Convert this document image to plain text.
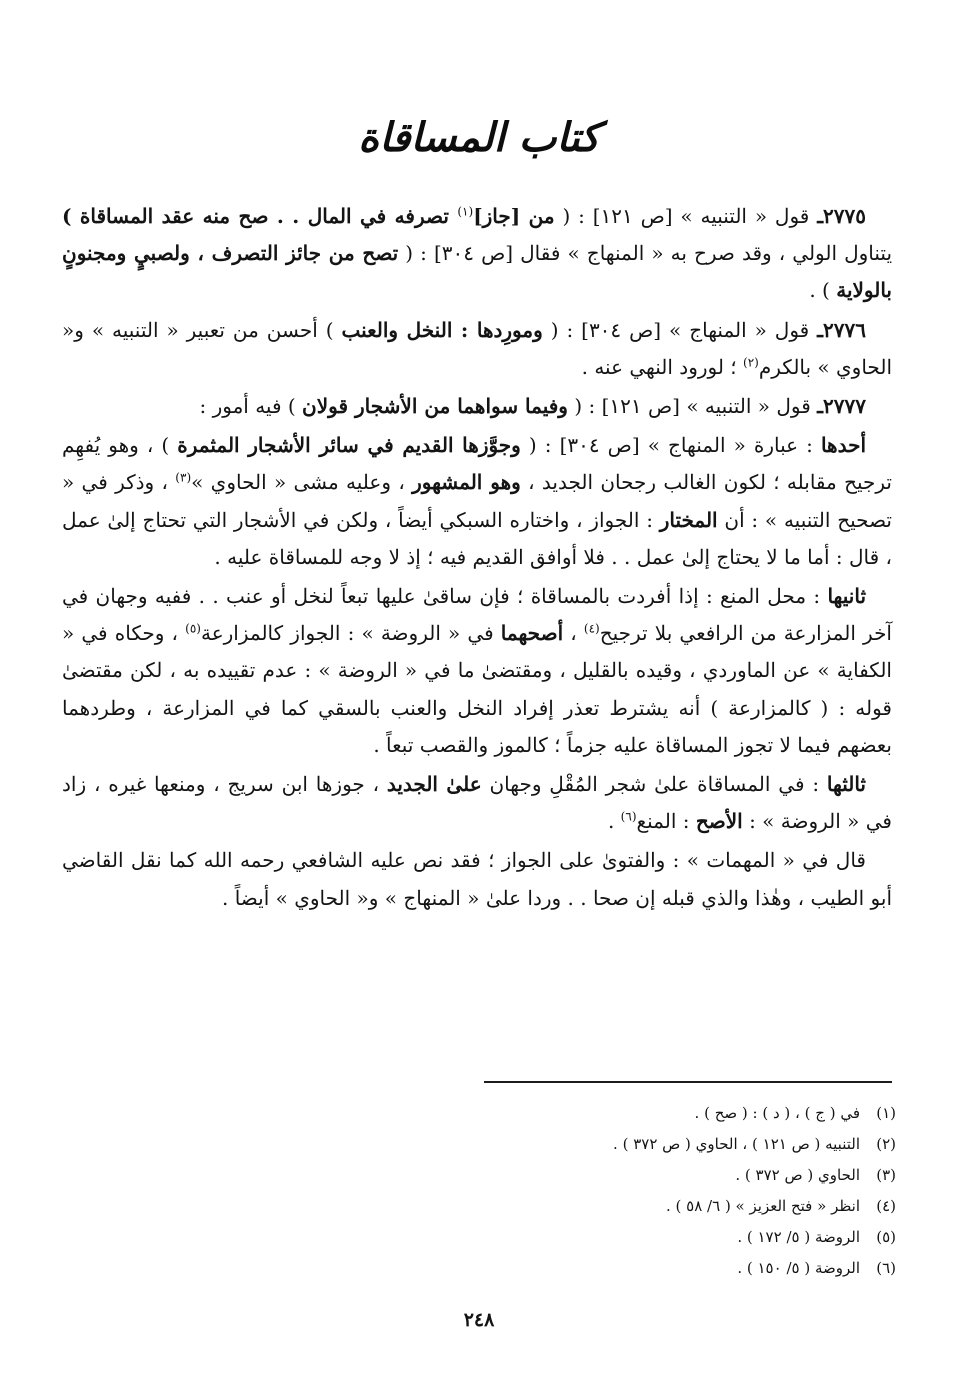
كتاب المساقاة

٢٧٧٥ـ قول « التنبيه » [ص ١٢١] : ( من [جاز]$^{(١)}$ تصرفه في المال . . صح منه عقد المساقاة ) يتناول الولي ، وقد صرح به « المنهاج » فقال [ص ٣٠٤] : ( تصح من جائز التصرف ، ولصبيٍ ومجنونٍ بالولاية ) .

٢٧٧٦ـ قول « المنهاج » [ص ٣٠٤] : ( ومورِدها : النخل والعنب ) أحسن من تعبير « التنبيه » و« الحاوي » بالكرم$^{(٢)}$ ؛ لورود النهي عنه .

٢٧٧٧ـ قول « التنبيه » [ص ١٢١] : ( وفيما سواهما من الأشجار قولان ) فيه أمور :

أحدها : عبارة « المنهاج » [ص ٣٠٤] : ( وجوَّزها القديم في سائر الأشجار المثمرة ) ، وهو يُفهِم ترجيح مقابله ؛ لكون الغالب رجحان الجديد ، وهو المشهور ، وعليه مشى « الحاوي »$^{(٣)}$ ، وذكر في « تصحيح التنبيه » : أن المختار : الجواز ، واختاره السبكي أيضاً ، ولكن في الأشجار التي تحتاج إلىٰ عمل ، قال : أما ما لا يحتاج إلىٰ عمل . . فلا أوافق القديم فيه ؛ إذ لا وجه للمساقاة عليه .

ثانيها : محل المنع : إذا أفردت بالمساقاة ؛ فإن ساقىٰ عليها تبعاً لنخل أو عنب . . ففيه وجهان في آخر المزارعة من الرافعي بلا ترجيح$^{(٤)}$ ، أصحهما في « الروضة » : الجواز كالمزارعة$^{(٥)}$ ، وحكاه في « الكفاية » عن الماوردي ، وقيده بالقليل ، ومقتضىٰ ما في « الروضة » : عدم تقييده به ، لكن مقتضىٰ قوله : ( كالمزارعة ) أنه يشترط تعذر إفراد النخل والعنب بالسقي كما في المزارعة ، وطردهما بعضهم فيما لا تجوز المساقاة عليه جزماً ؛ كالموز والقصب تبعاً .

ثالثها : في المساقاة علىٰ شجر المُقْلِ وجهان علىٰ الجديد ، جوزها ابن سريج ، ومنعها غيره ، زاد في « الروضة » : الأصح : المنع$^{(٦)}$ .

قال في « المهمات » : والفتوىٰ على الجواز ؛ فقد نص عليه الشافعي رحمه الله كما نقل القاضي أبو الطيب ، وهٰذا والذي قبله إن صحا . . وردا علىٰ « المنهاج » و« الحاوي » أيضاً .

(١)في ( ج ) ، ( د ) : ( صح ) .
(٢)التنبيه ( ص ١٢١ ) ، الحاوي ( ص ٣٧٢ ) .
(٣)الحاوي ( ص ٣٧٢ ) .
(٤)انظر « فتح العزيز » ( ٦/ ٥٨ ) .
(٥)الروضة ( ٥/ ١٧٢ ) .
(٦)الروضة ( ٥/ ١٥٠ ) .
٢٤٨
